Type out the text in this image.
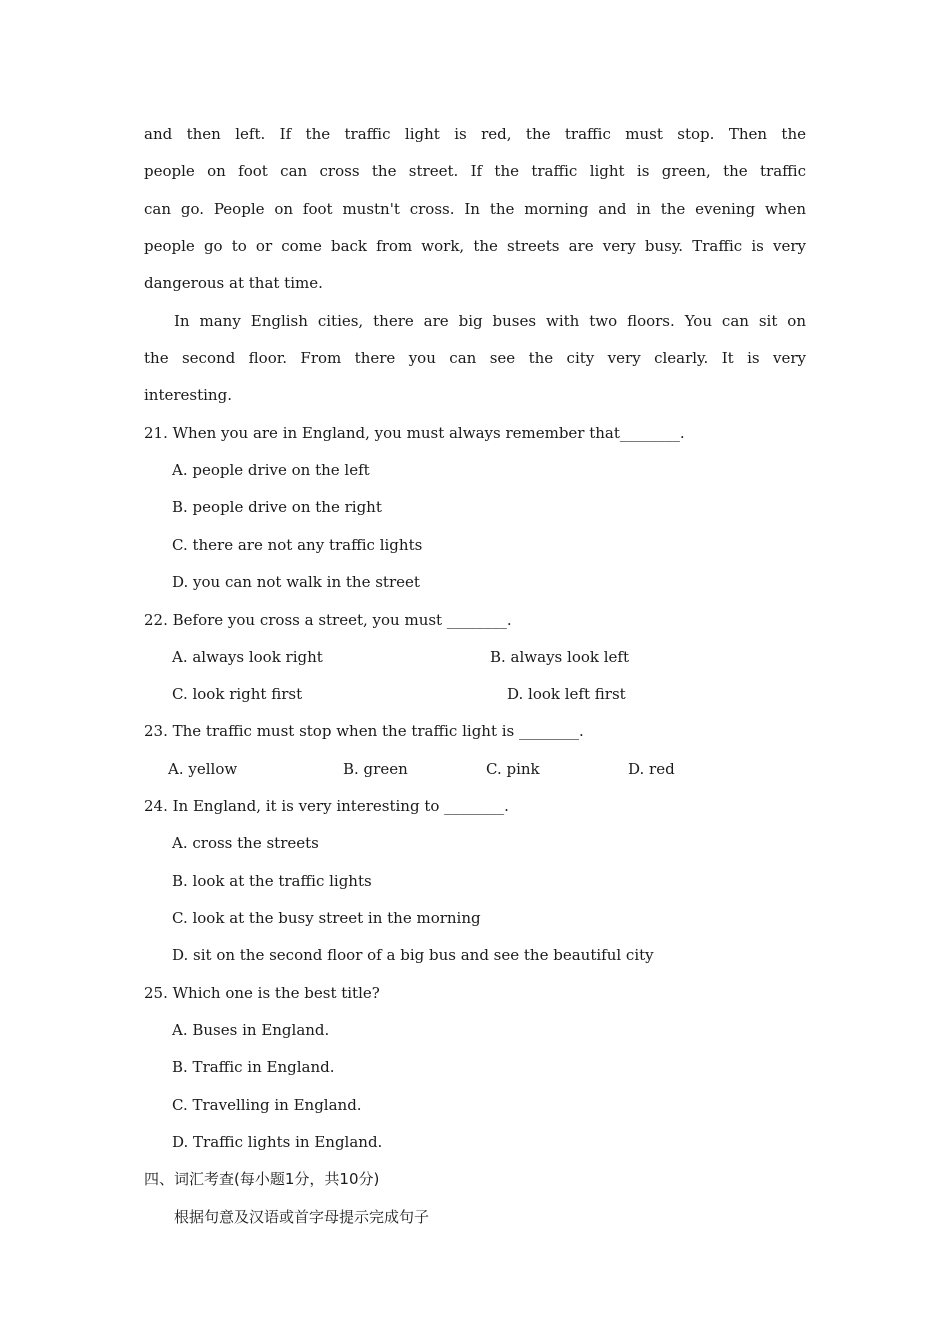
and then left. If the traffic light is red, the traffic must stop. Then the
people on foot can cross the street. If the traffic light is green, the traffic
can go. People on foot mustn't cross. In the morning and in the evening when
people go to or come back from work, the streets are very busy. Traffic is very
dangerous at that time.
In many English cities, there are big buses with two floors. You can sit on
the second floor. From there you can see the city very clearly. It is very
interesting.
21. When you are in England, you must always remember that________.
A. people drive on the left
B. people drive on the right
C. there are not any traffic lights
D. you can not walk in the street
22. Before you cross a street, you must ________.
A. always look right	B. always look left
C. look right first	D. look left first
23. The traffic must stop when the traffic light is ________.
A. yellow	B. green	C. pink	D. red
24. In England, it is very interesting to ________.
A. cross the streets
B. look at the traffic lights
C. look at the busy street in the morning
D. sit on the second floor of a big bus and see the beautiful city
25. Which one is the best title?
A. Buses in England.
B. Traffic in England.
C. Travelling in England.
D. Traffic lights in England.
四、词汇考查(每小题1分，共10分)
根据句意及汉语或首字母提示完成句子
